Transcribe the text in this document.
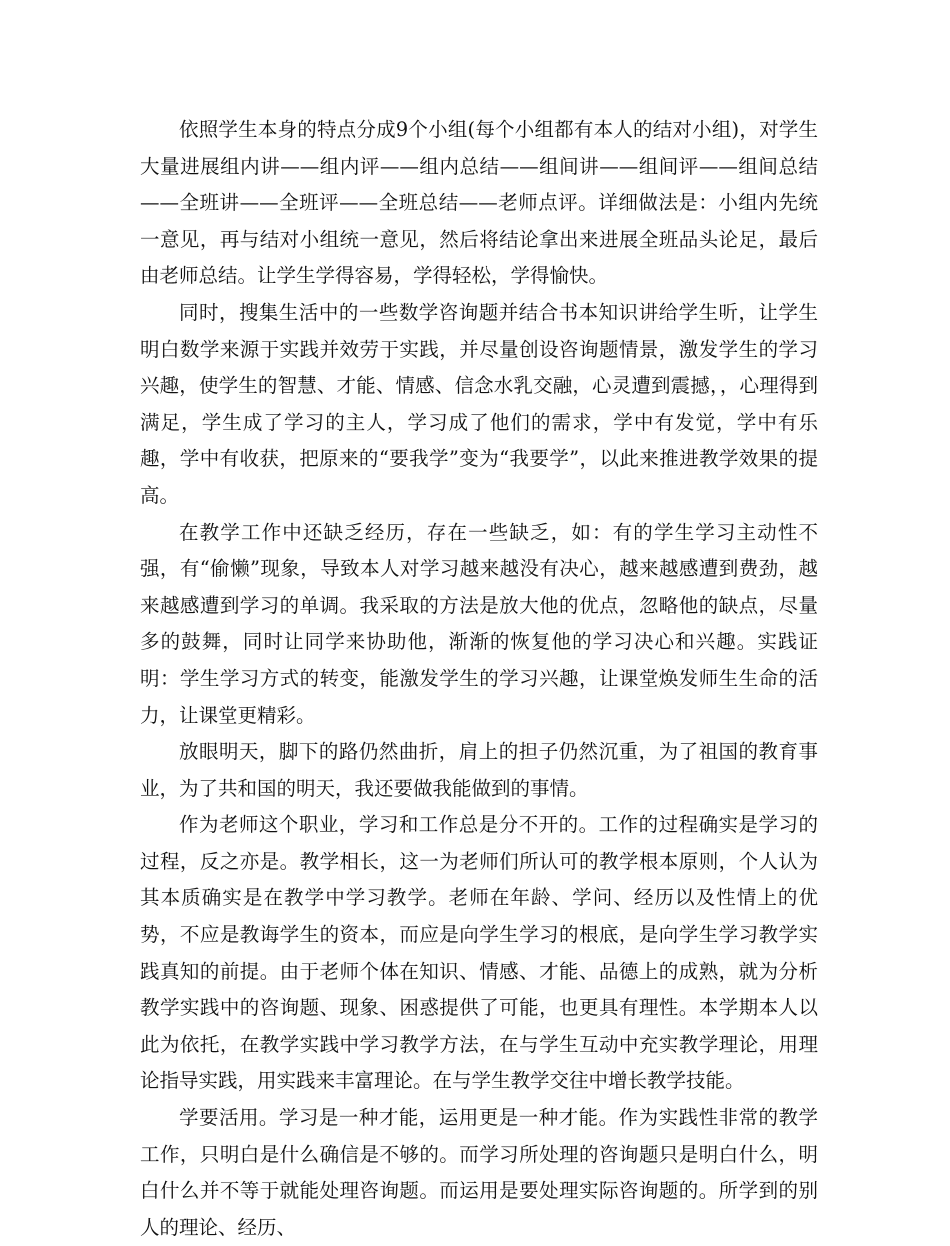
依照学生本身的特点分成9个小组(每个小组都有本人的结对小组)，对学生大量进展组内讲——组内评——组内总结——组间讲——组间评——组间总结——全班讲——全班评——全班总结——老师点评。详细做法是：小组内先统一意见，再与结对小组统一意见，然后将结论拿出来进展全班品头论足，最后由老师总结。让学生学得容易，学得轻松，学得愉快。

同时，搜集生活中的一些数学咨询题并结合书本知识讲给学生听，让学生明白数学来源于实践并效劳于实践，并尽量创设咨询题情景，激发学生的学习兴趣，使学生的智慧、才能、情感、信念水乳交融，心灵遭到震撼，，心理得到满足，学生成了学习的主人，学习成了他们的需求，学中有发觉，学中有乐趣，学中有收获，把原来的“要我学”变为“我要学”，以此来推进教学效果的提高。

在教学工作中还缺乏经历，存在一些缺乏，如：有的学生学习主动性不强，有“偷懒”现象，导致本人对学习越来越没有决心，越来越感遭到费劲，越来越感遭到学习的单调。我采取的方法是放大他的优点，忽略他的缺点，尽量多的鼓舞，同时让同学来协助他，渐渐的恢复他的学习决心和兴趣。实践证明：学生学习方式的转变，能激发学生的学习兴趣，让课堂焕发师生生命的活力，让课堂更精彩。

放眼明天，脚下的路仍然曲折，肩上的担子仍然沉重，为了祖国的教育事业，为了共和国的明天，我还要做我能做到的事情。

作为老师这个职业，学习和工作总是分不开的。工作的过程确实是学习的过程，反之亦是。教学相长，这一为老师们所认可的教学根本原则，个人认为其本质确实是在教学中学习教学。老师在年龄、学问、经历以及性情上的优势，不应是教诲学生的资本，而应是向学生学习的根底，是向学生学习教学实践真知的前提。由于老师个体在知识、情感、才能、品德上的成熟，就为分析教学实践中的咨询题、现象、困惑提供了可能，也更具有理性。本学期本人以此为依托，在教学实践中学习教学方法，在与学生互动中充实教学理论，用理论指导实践，用实践来丰富理论。在与学生教学交往中增长教学技能。

学要活用。学习是一种才能，运用更是一种才能。作为实践性非常的教学工作，只明白是什么确信是不够的。而学习所处理的咨询题只是明白什么，明白什么并不等于就能处理咨询题。而运用是要处理实际咨询题的。所学到的别人的理论、经历、
